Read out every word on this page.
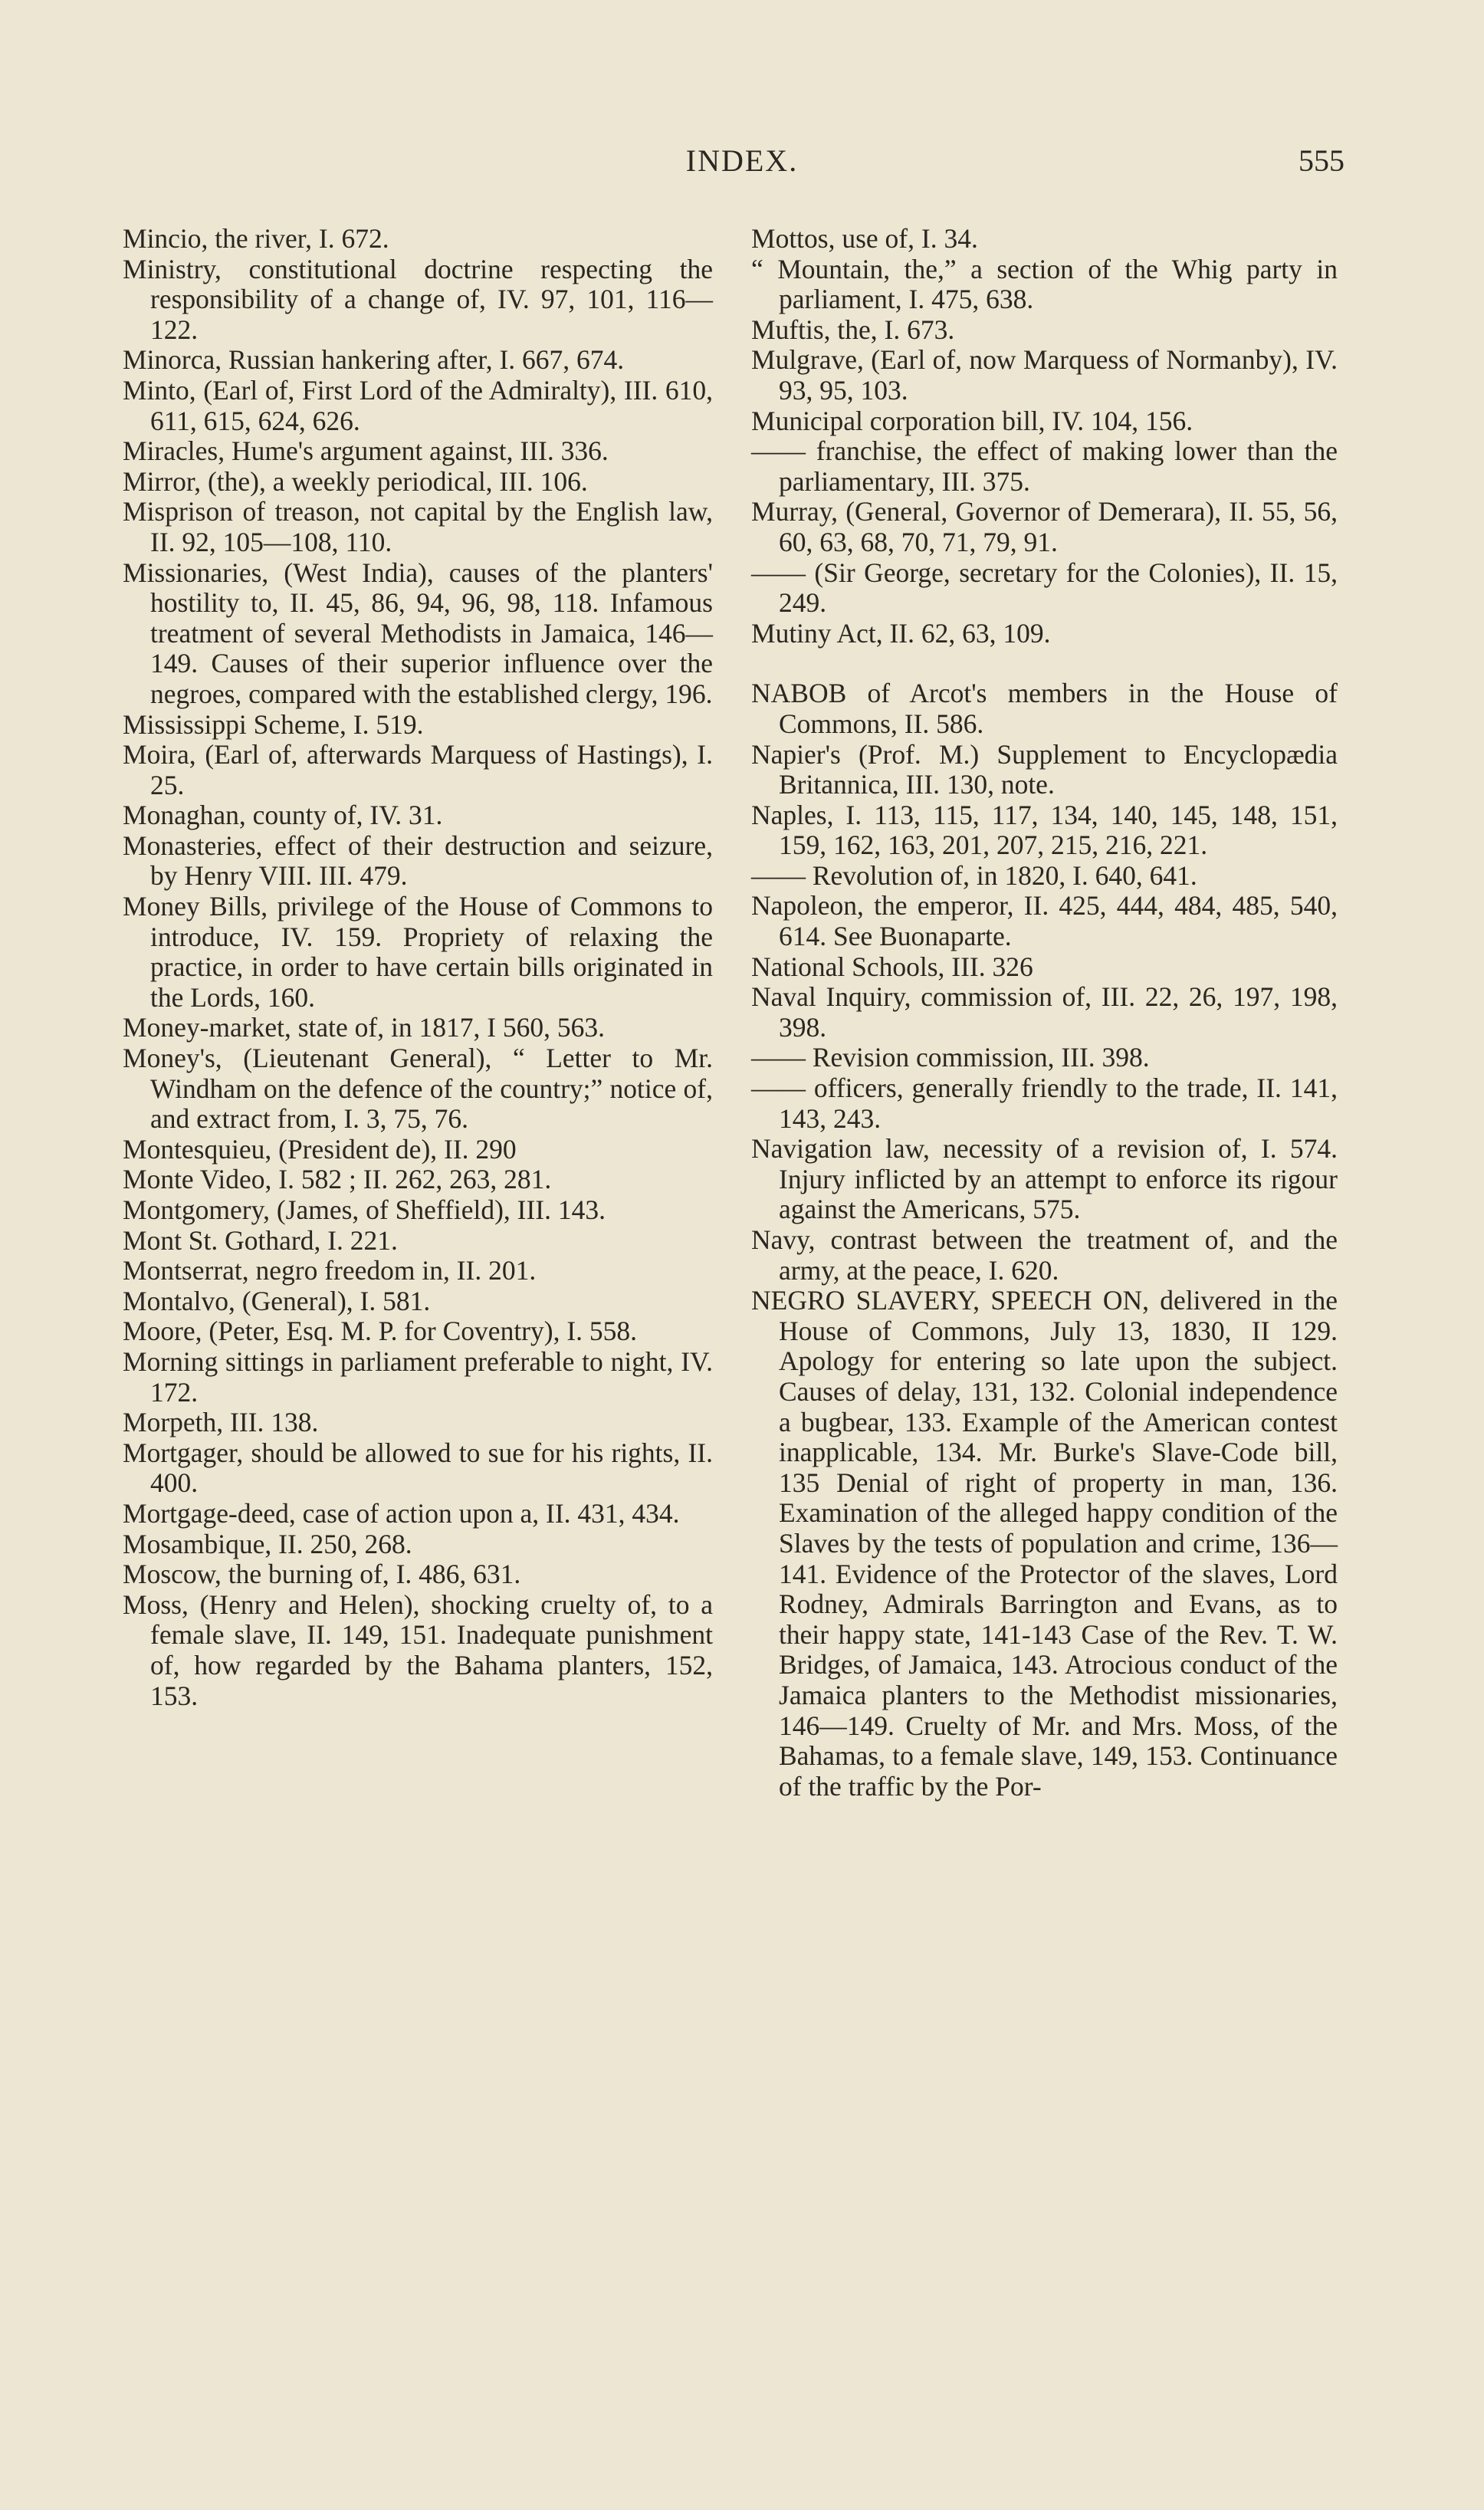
INDEX.	555

Mincio, the river, I. 672.

Ministry, constitutional doctrine respecting the responsibility of a change of, IV. 97, 101, 116—122.

Minorca, Russian hankering after, I. 667, 674.

Minto, (Earl of, First Lord of the Admiralty), III. 610, 611, 615, 624, 626.

Miracles, Hume's argument against, III. 336.

Mirror, (the), a weekly periodical, III. 106.

Misprison of treason, not capital by the English law, II. 92, 105—108, 110.

Missionaries, (West India), causes of the planters' hostility to, II. 45, 86, 94, 96, 98, 118. Infamous treatment of several Methodists in Jamaica, 146—149. Causes of their superior influence over the negroes, compared with the established clergy, 196.

Mississippi Scheme, I. 519.

Moira, (Earl of, afterwards Marquess of Hastings), I. 25.

Monaghan, county of, IV. 31.

Monasteries, effect of their destruction and seizure, by Henry VIII. III. 479.

Money Bills, privilege of the House of Commons to introduce, IV. 159. Propriety of relaxing the practice, in order to have certain bills originated in the Lords, 160.

Money-market, state of, in 1817, I 560, 563.

Money's, (Lieutenant General), “ Letter to Mr. Windham on the defence of the country;” notice of, and extract from, I. 3, 75, 76.

Montesquieu, (President de), II. 290

Monte Video, I. 582 ; II. 262, 263, 281.

Montgomery, (James, of Sheffield), III. 143.

Mont St. Gothard, I. 221.

Montserrat, negro freedom in, II. 201.

Montalvo, (General), I. 581.

Moore, (Peter, Esq. M. P. for Coventry), I. 558.

Morning sittings in parliament preferable to night, IV. 172.

Morpeth, III. 138.

Mortgager, should be allowed to sue for his rights, II. 400.

Mortgage-deed, case of action upon a, II. 431, 434.

Mosambique, II. 250, 268.

Moscow, the burning of, I. 486, 631.

Moss, (Henry and Helen), shocking cruelty of, to a female slave, II. 149, 151. Inadequate punishment of, how regarded by the Bahama planters, 152, 153.

Mottos, use of, I. 34.

“ Mountain, the,” a section of the Whig party in parliament, I. 475, 638.

Muftis, the, I. 673.

Mulgrave, (Earl of, now Marquess of Normanby), IV. 93, 95, 103.

Municipal corporation bill, IV. 104, 156.

—— franchise, the effect of making lower than the parliamentary, III. 375.

Murray, (General, Governor of Demerara), II. 55, 56, 60, 63, 68, 70, 71, 79, 91.

—— (Sir George, secretary for the Colonies), II. 15, 249.

Mutiny Act, II. 62, 63, 109.

NABOB of Arcot's members in the House of Commons, II. 586.

Napier's (Prof. M.) Supplement to Encyclopædia Britannica, III. 130, note.

Naples, I. 113, 115, 117, 134, 140, 145, 148, 151, 159, 162, 163, 201, 207, 215, 216, 221.

—— Revolution of, in 1820, I. 640, 641.

Napoleon, the emperor, II. 425, 444, 484, 485, 540, 614. See Buonaparte.

National Schools, III. 326

Naval Inquiry, commission of, III. 22, 26, 197, 198, 398.

—— Revision commission, III. 398.

—— officers, generally friendly to the trade, II. 141, 143, 243.

Navigation law, necessity of a revision of, I. 574. Injury inflicted by an attempt to enforce its rigour against the Americans, 575.

Navy, contrast between the treatment of, and the army, at the peace, I. 620.

NEGRO SLAVERY, SPEECH ON, delivered in the House of Commons, July 13, 1830, II 129. Apology for entering so late upon the subject. Causes of delay, 131, 132. Colonial independence a bugbear, 133. Example of the American contest inapplicable, 134. Mr. Burke's Slave-Code bill, 135 Denial of right of property in man, 136. Examination of the alleged happy condition of the Slaves by the tests of population and crime, 136—141. Evidence of the Protector of the slaves, Lord Rodney, Admirals Barrington and Evans, as to their happy state, 141-143 Case of the Rev. T. W. Bridges, of Jamaica, 143. Atrocious conduct of the Jamaica planters to the Methodist missionaries, 146—149. Cruelty of Mr. and Mrs. Moss, of the Bahamas, to a female slave, 149, 153. Continuance of the traffic by the Por-
